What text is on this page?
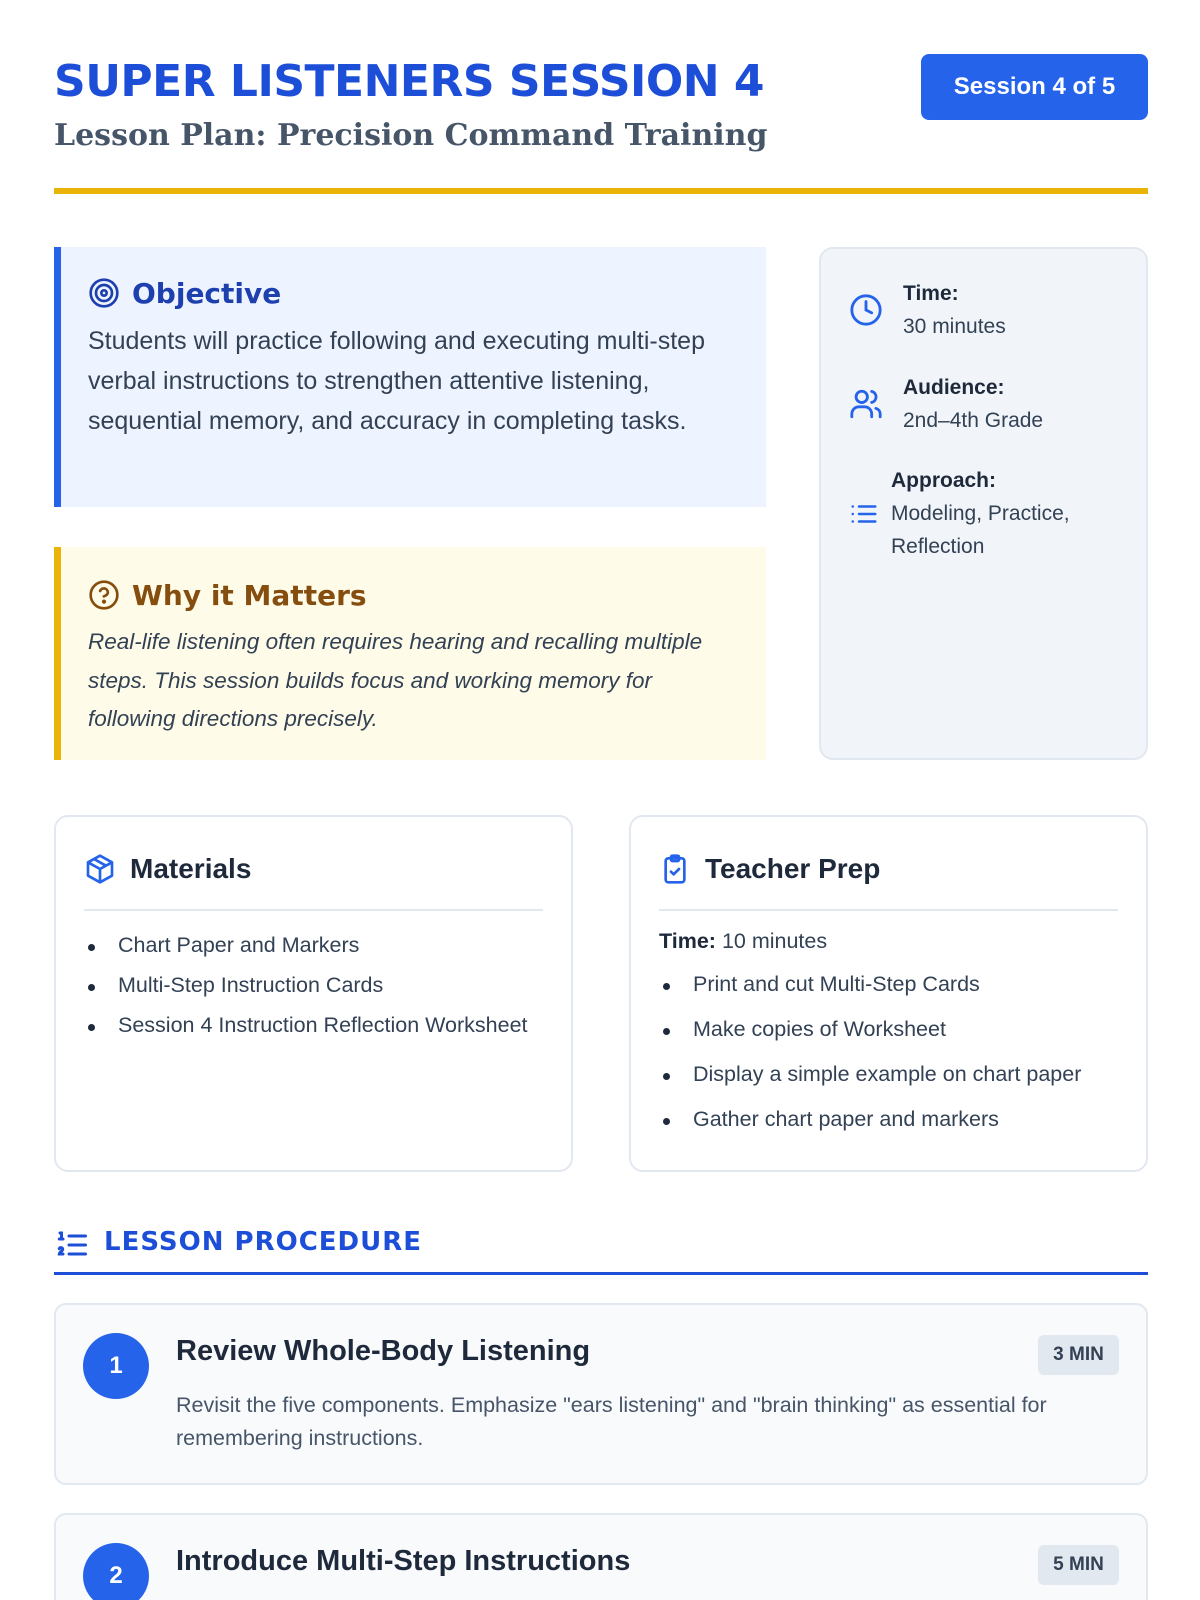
SUPER LISTENERS SESSION 4
Lesson Plan: Precision Command Training
Session 4 of 5
Objective
Students will practice following and executing multi-step verbal instructions to strengthen attentive listening, sequential memory, and accuracy in completing tasks.
Why it Matters
Real-life listening often requires hearing and recalling multiple steps. This session builds focus and working memory for following directions precisely.
Time:
30 minutes
Audience:
2nd–4th Grade
Approach:
Modeling, Practice, Reflection
Materials
Chart Paper and Markers
Multi-Step Instruction Cards
Session 4 Instruction Reflection Worksheet
Teacher Prep
Time: 10 minutes
Print and cut Multi-Step Cards
Make copies of Worksheet
Display a simple example on chart paper
Gather chart paper and markers
LESSON PROCEDURE
1	Review Whole-Body Listening	3 MIN
Revisit the five components. Emphasize "ears listening" and "brain thinking" as essential for remembering instructions.
2	Introduce Multi-Step Instructions	5 MIN
